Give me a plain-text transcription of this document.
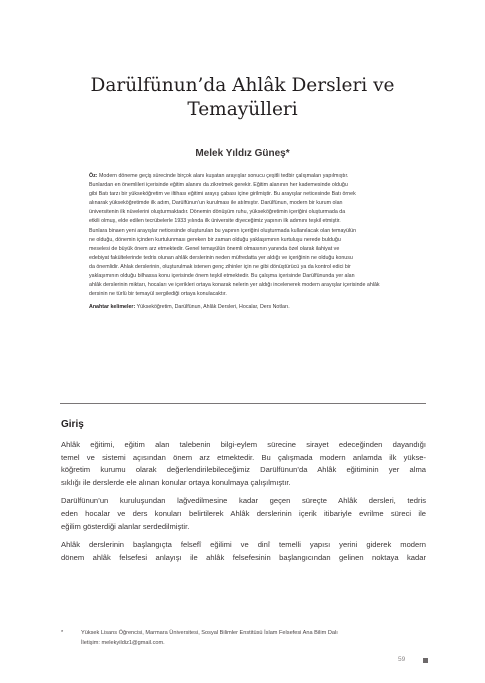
Darülfünun’da Ahlâk Dersleri ve
Temayülleri
Melek Yıldız Güneş*
Öz: Modern döneme geçiş sürecinde birçok alanı kuşatan arayışlar sonucu çeşitli tedbir çalışmaları yapılmıştır.
Bunlardan en önemlileri içerisinde eğitim alanını da zikretmek gerekir. Eğitim alanının her kademesinde olduğu
gibi Batı tarzı bir yükseköğretim ve iltihası eğitimi arayış çabası içine girilmiştir. Bu arayışlar neticesinde Batı örnek
alınarak yükseköğretimde ilk adım, Darülfünun’un kurulması ile atılmıştır. Darülfünun, modern bir kurum olan
üniversitenin ilk nüvelerini oluşturmaktadır. Dönemin dönüşüm ruhu, yükseköğretimin içeriğini oluşturmada da
etkili olmuş, elde edilen tecrübelerle 1933 yılında ilk üniversite diyeceğimiz yapının ilk adımını teşkil etmiştir.
Bunlara binaen yeni arayışlar neticesinde oluşturulan bu yapının içeriğini oluşturmada kullanılacak olan temayülün
ne olduğu, dönemin içinden kurtulunması gereken bir zaman olduğu yaklaşımının kurtuluşu nerede bulduğu
meselesi de büyük önem arz etmektedir. Genel temayülün önemli olmasının yanında özel olarak ilahiyat ve
edebiyat fakültelerinde tedris olunan ahlâk derslerinin neden müfredatta yer aldığı ve içeriğinin ne olduğu konusu
da önemlidir. Ahlak derslerinin, oluşturulmak istenen genç zihinler için ne gibi dönüştürücü ya da kontrol edici bir
yaklaşımının olduğu bilhassa konu içerisinde önem teşkil etmektedir. Bu çalışma içerisinde Darülfünunda yer alan
ahlâk derslerinin miktarı, hocaları ve içerikleri ortaya konarak nelerin yer aldığı incelenerek modern arayışlar içerisinde ahlâk
dersinin ne türlü bir temayül sergilediği ortaya konulacaktır.
Anahtar kelimeler: Yükseköğretim, Darülfünun, Ahlâk Dersleri, Hocalar, Ders Notları.
Giriş
Ahlâk eğitimi, eğitim alan talebenin bilgi-eylem sürecine sirayet edeceğinden dayandığı
temel ve sistemi açısından önem arz etmektedir. Bu çalışmada modern anlamda ilk yükse-
köğretim kurumu olarak değerlendirilebileceğimiz Darülfünun’da Ahlâk eğitiminin yer alma
sıklığı ile derslerde ele alınan konular ortaya konulmaya çalışılmıştır.
Darülfünun’un kuruluşundan lağvedilmesine kadar geçen süreçte Ahlâk dersleri, tedris
eden hocalar ve ders konuları belirtilerek Ahlâk derslerinin içerik itibariyle evrilme süreci ile
eğilim gösterdiği alanlar serdedilmiştir.
Ahlâk derslerinin başlangıçta felsefî eğilimi ve dinî temelli yapısı yerini giderek modern
dönem ahlâk felsefesi anlayışı ile ahlâk felsefesinin başlangıcından gelinen noktaya kadar
*	Yüksek Lisans Öğrencisi, Marmara Üniversitesi, Sosyal Bilimler Enstitüsü İslam Felsefesi Ana Bilim Dalı
İletişim: melekyildiz1@gmail.com.
59
